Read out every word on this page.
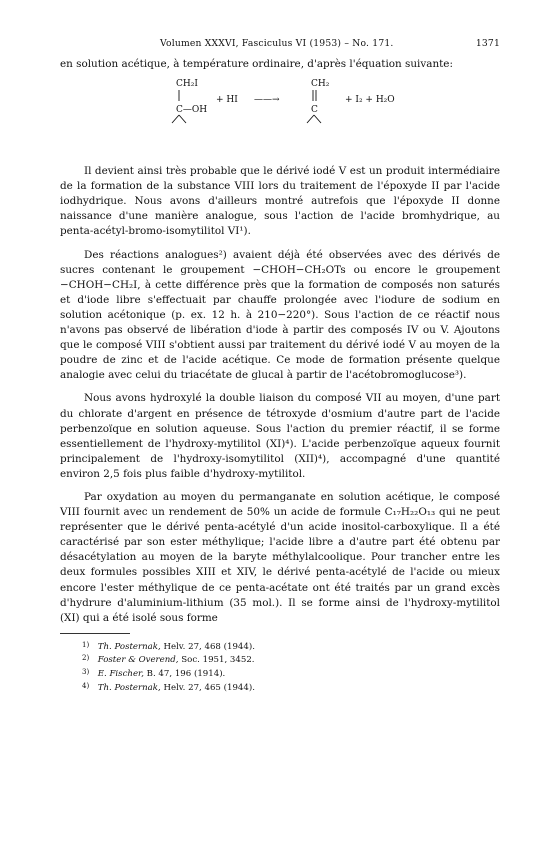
Volumen XXXVI, Fasciculus VI (1953) – No. 171.	1371

en solution acétique, à température ordinaire, d'après l'équation suivante:

CH₂I
C—OH
+ HI ——→
CH₂
C
+ I₂ + H₂O

Il devient ainsi très probable que le dérivé iodé V est un produit intermédiaire de la formation de la substance VIII lors du traitement de l'époxyde II par l'acide iodhydrique. Nous avons d'ailleurs montré autrefois que l'époxyde II donne naissance d'une manière analogue, sous l'action de l'acide bromhydrique, au penta-acétyl-bromo-isomytilitol VI¹).

Des réactions analogues²) avaient déjà été observées avec des dérivés de sucres contenant le groupement −CHOH−CH₂OTs ou encore le groupement −CHOH−CH₂I, à cette différence près que la formation de composés non saturés et d'iode libre s'effectuait par chauffe prolongée avec l'iodure de sodium en solution acétonique (p. ex. 12 h. à 210−220°). Sous l'action de ce réactif nous n'avons pas observé de libération d'iode à partir des composés IV ou V. Ajoutons que le composé VIII s'obtient aussi par traitement du dérivé iodé V au moyen de la poudre de zinc et de l'acide acétique. Ce mode de formation présente quelque analogie avec celui du triacétate de glucal à partir de l'acétobromoglucose³).

Nous avons hydroxylé la double liaison du composé VII au moyen, d'une part du chlorate d'argent en présence de tétroxyde d'osmium d'autre part de l'acide perbenzoïque en solution aqueuse. Sous l'action du premier réactif, il se forme essentiellement de l'hydroxy-mytilitol (XI)⁴). L'acide perbenzoïque aqueux fournit principalement de l'hydroxy-isomytilitol (XII)⁴), accompagné d'une quantité environ 2,5 fois plus faible d'hydroxy-mytilitol.

Par oxydation au moyen du permanganate en solution acétique, le composé VIII fournit avec un rendement de 50% un acide de formule C₁₇H₂₂O₁₃ qui ne peut représenter que le dérivé penta-acétylé d'un acide inositol-carboxylique. Il a été caractérisé par son ester méthylique; l'acide libre a d'autre part été obtenu par désacétylation au moyen de la baryte méthylalcoolique. Pour trancher entre les deux formules possibles XIII et XIV, le dérivé penta-acétylé de l'acide ou mieux encore l'ester méthylique de ce penta-acétate ont été traités par un grand excès d'hydrure d'aluminium-lithium (35 mol.). Il se forme ainsi de l'hydroxy-mytilitol (XI) qui a été isolé sous forme

1) Th. Posternak, Helv. 27, 468 (1944).
2) Foster & Overend, Soc. 1951, 3452.
3) E. Fischer, B. 47, 196 (1914).
4) Th. Posternak, Helv. 27, 465 (1944).
